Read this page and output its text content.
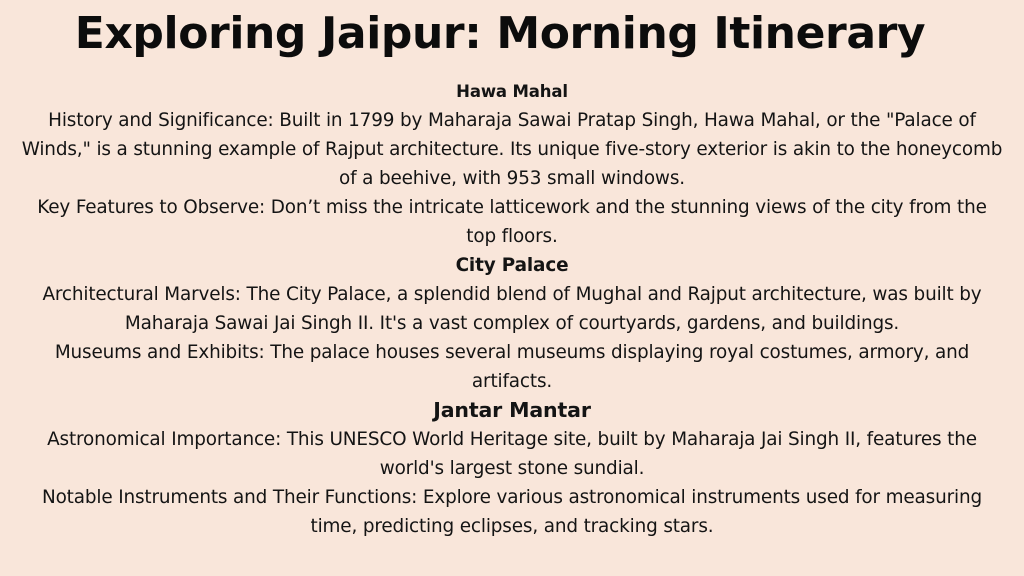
Exploring Jaipur: Morning Itinerary

Hawa Mahal

History and Significance: Built in 1799 by Maharaja Sawai Pratap Singh, Hawa Mahal, or the "Palace of Winds," is a stunning example of Rajput architecture. Its unique five-story exterior is akin to the honeycomb of a beehive, with 953 small windows.

Key Features to Observe: Don’t miss the intricate latticework and the stunning views of the city from the top floors.

City Palace

Architectural Marvels: The City Palace, a splendid blend of Mughal and Rajput architecture, was built by Maharaja Sawai Jai Singh II. It's a vast complex of courtyards, gardens, and buildings.

Museums and Exhibits: The palace houses several museums displaying royal costumes, armory, and artifacts.

Jantar Mantar

Astronomical Importance: This UNESCO World Heritage site, built by Maharaja Jai Singh II, features the world's largest stone sundial.

Notable Instruments and Their Functions: Explore various astronomical instruments used for measuring time, predicting eclipses, and tracking stars.
